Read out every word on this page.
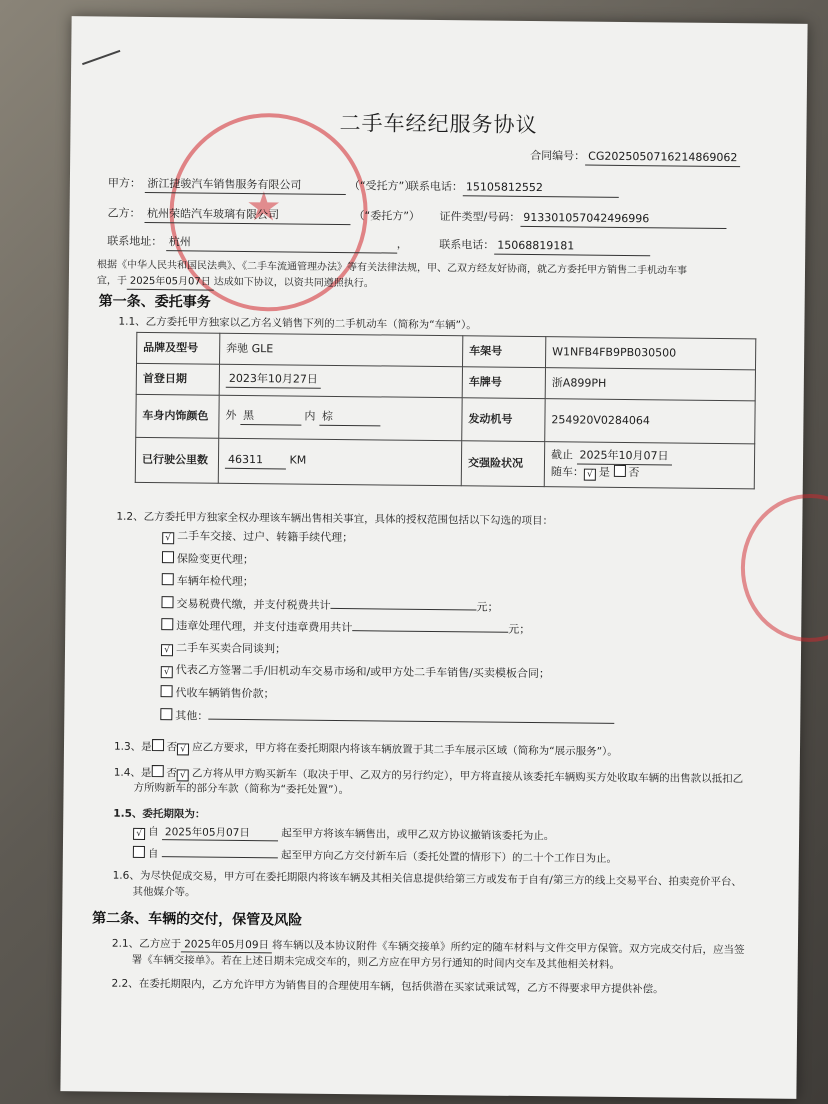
★
二手车经纪服务协议
合同编号： CG2025050716214869062
甲方： 浙江捷骏汽车销售服务有限公司	（“受托方”）
联系电话： 15105812552
乙方： 杭州荣皓汽车玻璃有限公司	（“委托方”） 证件类型/号码： 913301057042496996
联系地址： 杭州	，	联系电话： 15068819181
根据《中华人民共和国民法典》、《二手车流通管理办法》等有关法律法规，甲、乙双方经友好协商，就乙方委托甲方销售二手机动车事
宜，于 2025年05月07日 达成如下协议，以资共同遵照执行。
第一条、委托事务
1.1、乙方委托甲方独家以乙方名义销售下列的二手机动车（简称为“车辆”）。
品牌及型号	奔驰 GLE	车架号	W1NFB4FB9PB030500
首登日期	2023年10月27日	车牌号	浙A899PH
车身内饰颜色	外 黑 内 棕	发动机号	254920V0284064
已行驶公里数	46311 KM	交强险状况	截止 2025年10月07日
随车： √ 是 否
1.2、乙方委托甲方独家全权办理该车辆出售相关事宜，具体的授权范围包括以下勾选的项目：
√ 二手车交接、过户、转籍手续代理；
保险变更代理；
车辆年检代理；
交易税费代缴，并支付税费共计	元；
违章处理代理，并支付违章费用共计	元；
√ 二手车买卖合同谈判；
√ 代表乙方签署二手/旧机动车交易市场和/或甲方处二手车销售/买卖模板合同；
代收车辆销售价款；
其他：
1.3、是 否 √ 应乙方要求，甲方将在委托期限内将该车辆放置于其二手车展示区域（简称为“展示服务”）。
1.4、是 否 √ 乙方将从甲方购买新车（取决于甲、乙双方的另行约定），甲方将直接从该委托车辆购买方处收取车辆的出售款以抵扣乙
方所购新车的部分车款（简称为“委托处置”）。
1.5、委托期限为：
√ 自 2025年05月07日	起至甲方将该车辆售出，或甲乙双方协议撤销该委托为止。
自	起至甲方向乙方交付新车后（委托处置的情形下）的二十个工作日为止。
1.6、为尽快促成交易，甲方可在委托期限内将该车辆及其相关信息提供给第三方或发布于自有/第三方的线上交易平台、拍卖竞价平台、
其他媒介等。
第二条、车辆的交付，保管及风险
2.1、乙方应于 2025年05月09日 将车辆以及本协议附件《车辆交接单》所约定的随车材料与文件交甲方保管。双方完成交付后，应当签
署《车辆交接单》。若在上述日期未完成交车的，则乙方应在甲方另行通知的时间内交车及其他相关材料。
2.2、在委托期限内，乙方允许甲方为销售目的合理使用车辆，包括供潜在买家试乘试驾，乙方不得要求甲方提供补偿。
